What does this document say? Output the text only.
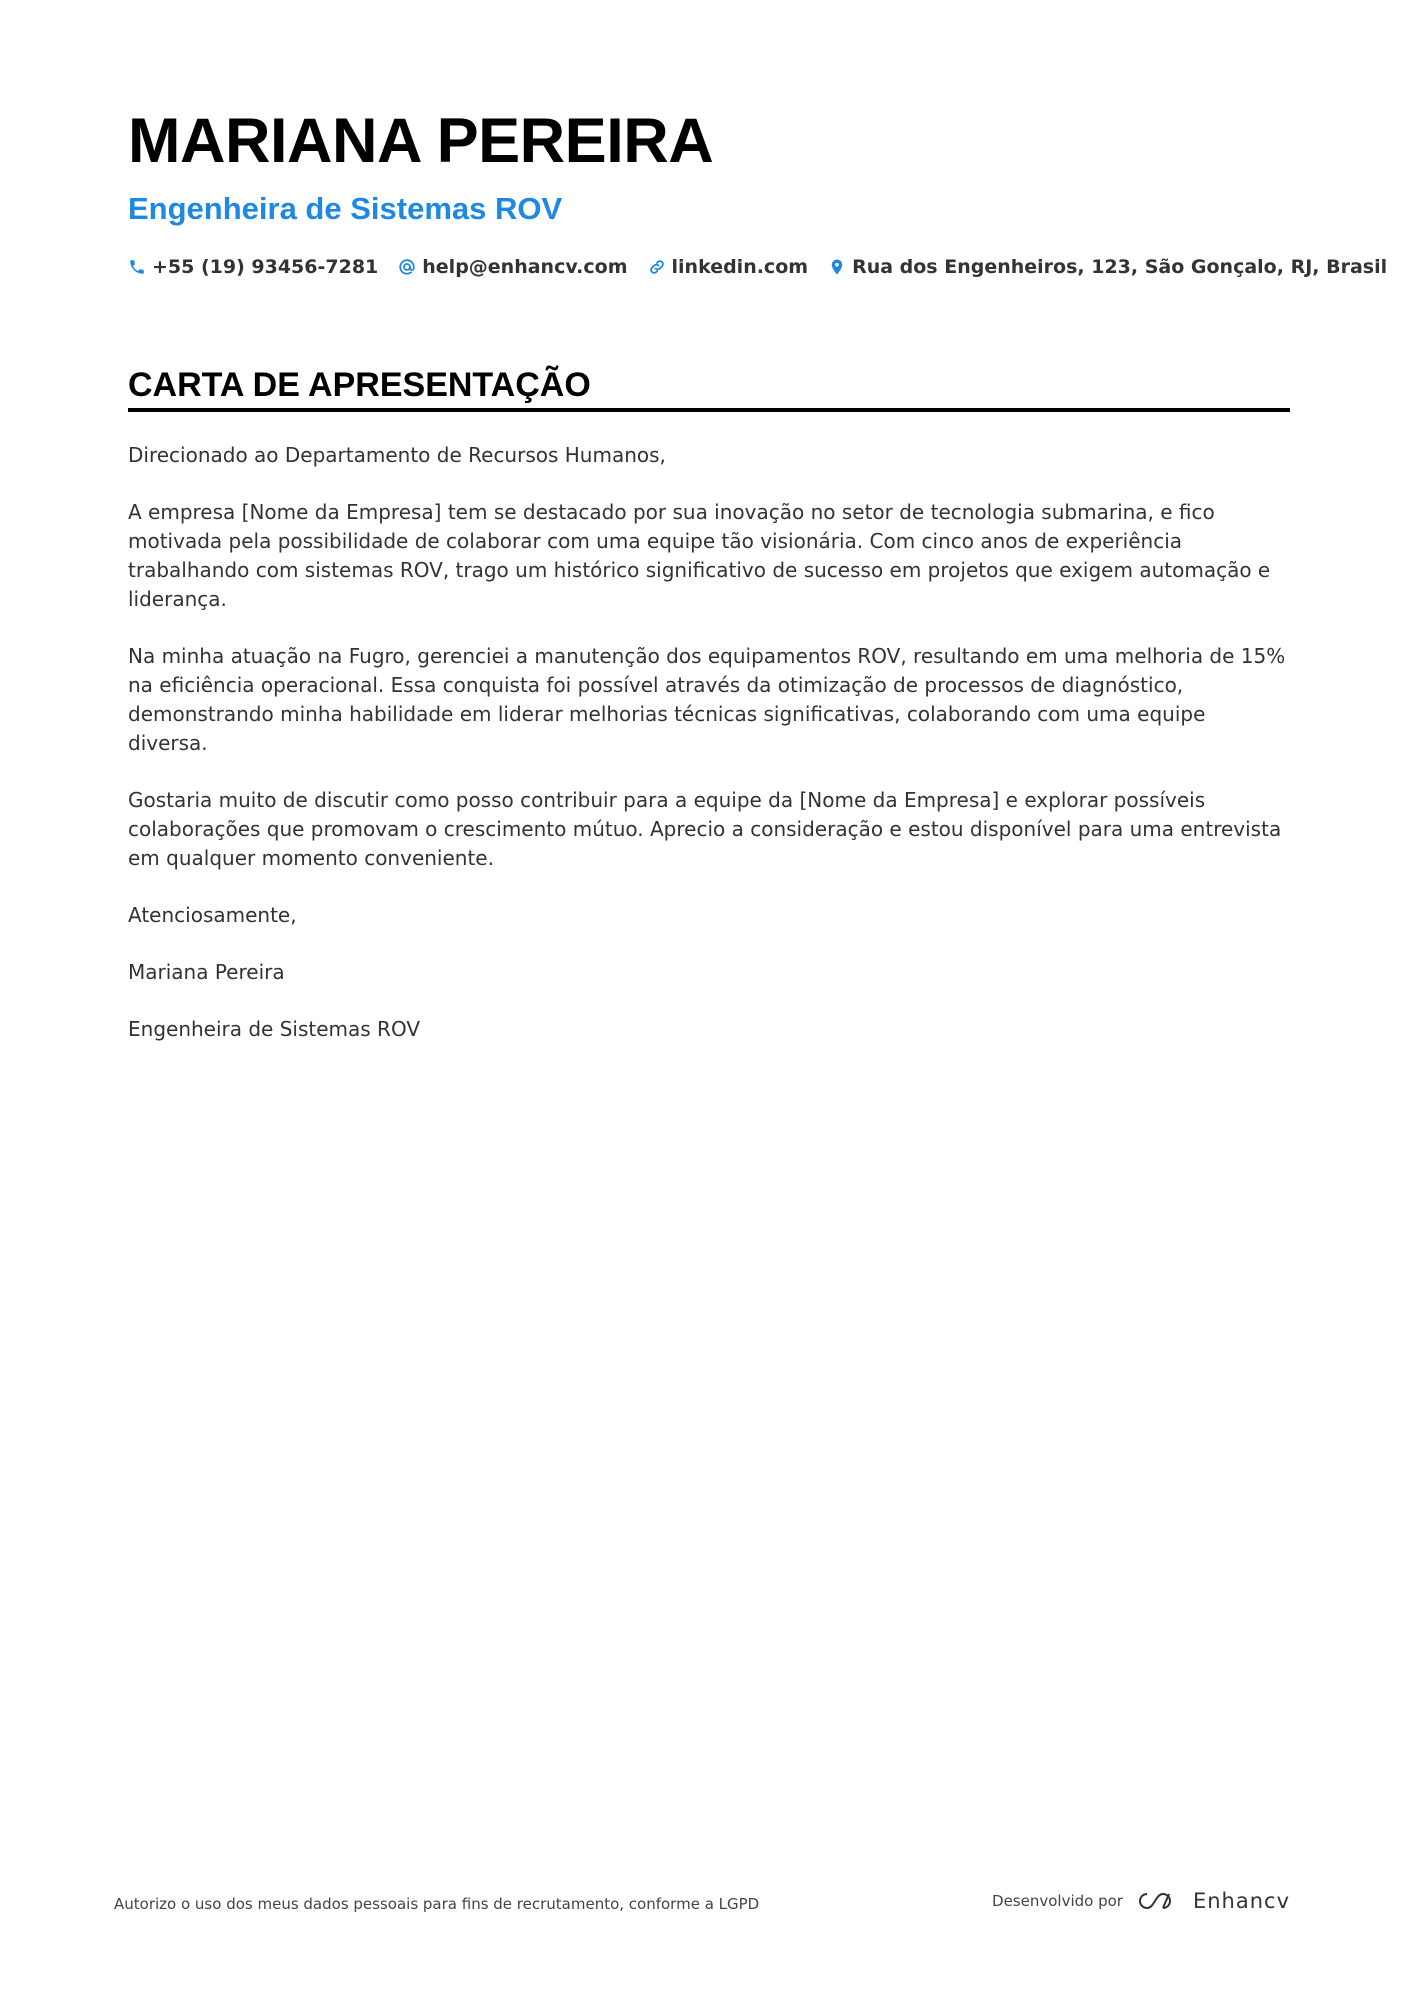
MARIANA PEREIRA
Engenheira de Sistemas ROV
+55 (19) 93456-7281 help@enhancv.com linkedin.com Rua dos Engenheiros, 123, São Gonçalo, RJ, Brasil
CARTA DE APRESENTAÇÃO

Direcionado ao Departamento de Recursos Humanos,

A empresa [Nome da Empresa] tem se destacado por sua inovação no setor de tecnologia submarina, e fico motivada pela possibilidade de colaborar com uma equipe tão visionária. Com cinco anos de experiência trabalhando com sistemas ROV, trago um histórico significativo de sucesso em projetos que exigem automação e liderança.

Na minha atuação na Fugro, gerenciei a manutenção dos equipamentos ROV, resultando em uma melhoria de 15% na eficiência operacional. Essa conquista foi possível através da otimização de processos de diagnóstico, demonstrando minha habilidade em liderar melhorias técnicas significativas, colaborando com uma equipe diversa.

Gostaria muito de discutir como posso contribuir para a equipe da [Nome da Empresa] e explorar possíveis colaborações que promovam o crescimento mútuo. Aprecio a consideração e estou disponível para uma entrevista em qualquer momento conveniente.

Atenciosamente,

Mariana Pereira

Engenheira de Sistemas ROV

Autorizo o uso dos meus dados pessoais para fins de recrutamento, conforme a LGPD	Desenvolvido por	Enhancv
